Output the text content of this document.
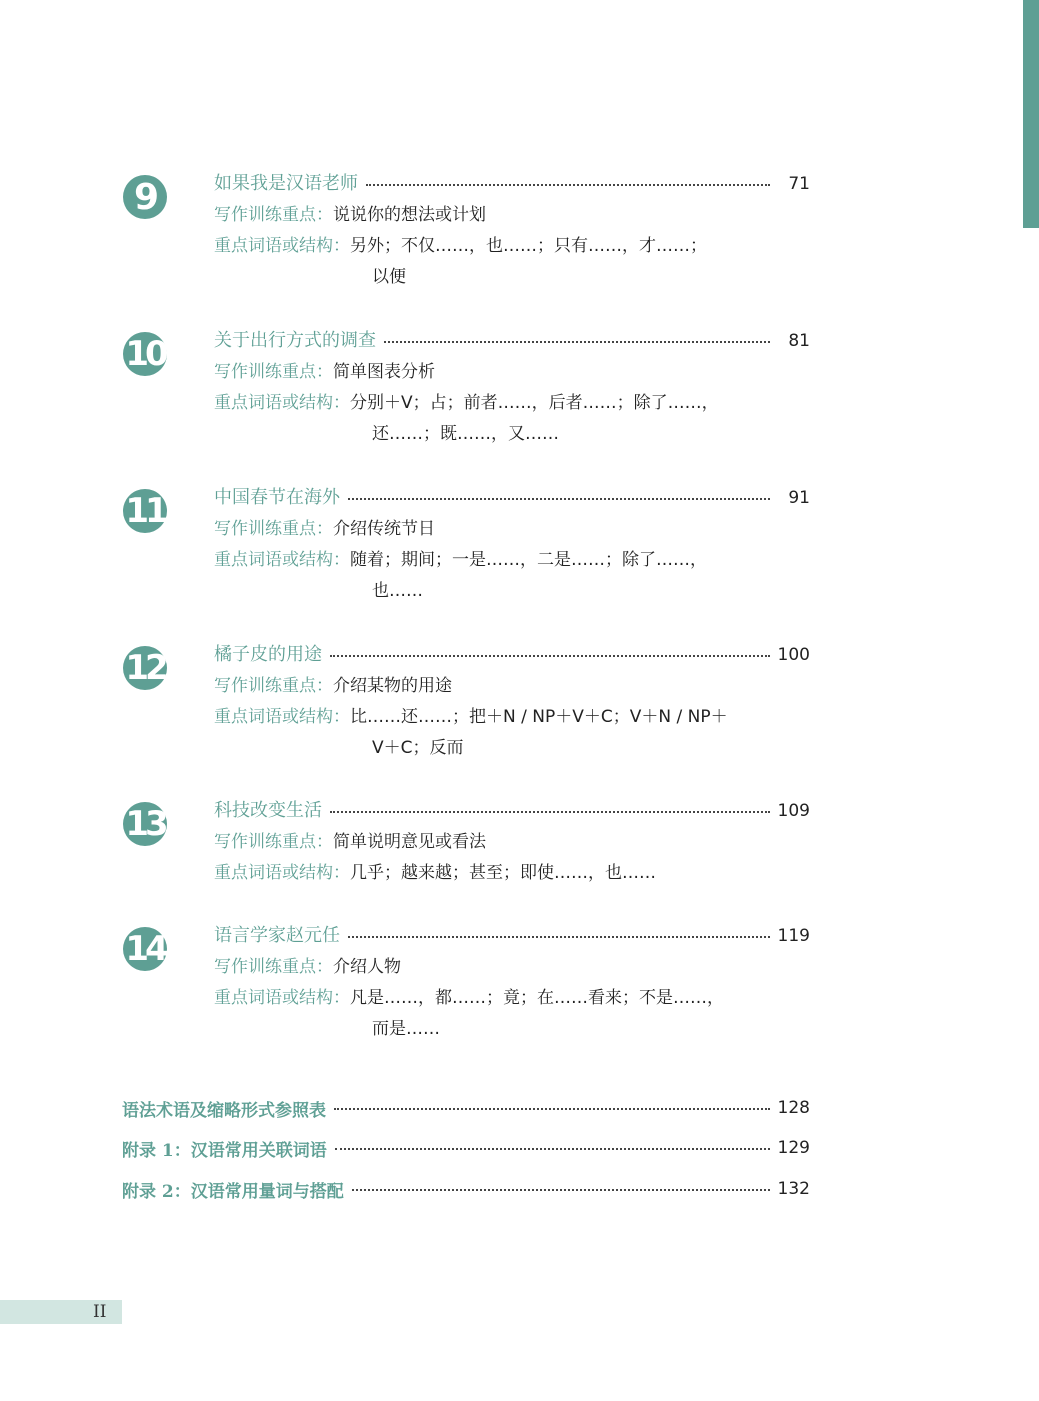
9	如果我是汉语老师	71
写作训练重点：说说你的想法或计划
重点词语或结构：另外；不仅……，也……；只有……，才……；
以便
10	关于出行方式的调查	81
写作训练重点：简单图表分析
重点词语或结构：分别＋V；占；前者……，后者……；除了……，
还……；既……，又……
11	中国春节在海外	91
写作训练重点：介绍传统节日
重点词语或结构：随着；期间；一是……，二是……；除了……，
也……
12	橘子皮的用途	100
写作训练重点：介绍某物的用途
重点词语或结构：比……还……；把＋N / NP＋V＋C；V＋N / NP＋
V＋C；反而
13	科技改变生活	109
写作训练重点：简单说明意见或看法
重点词语或结构：几乎；越来越；甚至；即使……，也……
14	语言学家赵元任	119
写作训练重点：介绍人物
重点词语或结构：凡是……，都……；竟；在……看来；不是……，
而是……
语法术语及缩略形式参照表	128
附录 1：汉语常用关联词语	129
附录 2：汉语常用量词与搭配	132
II
